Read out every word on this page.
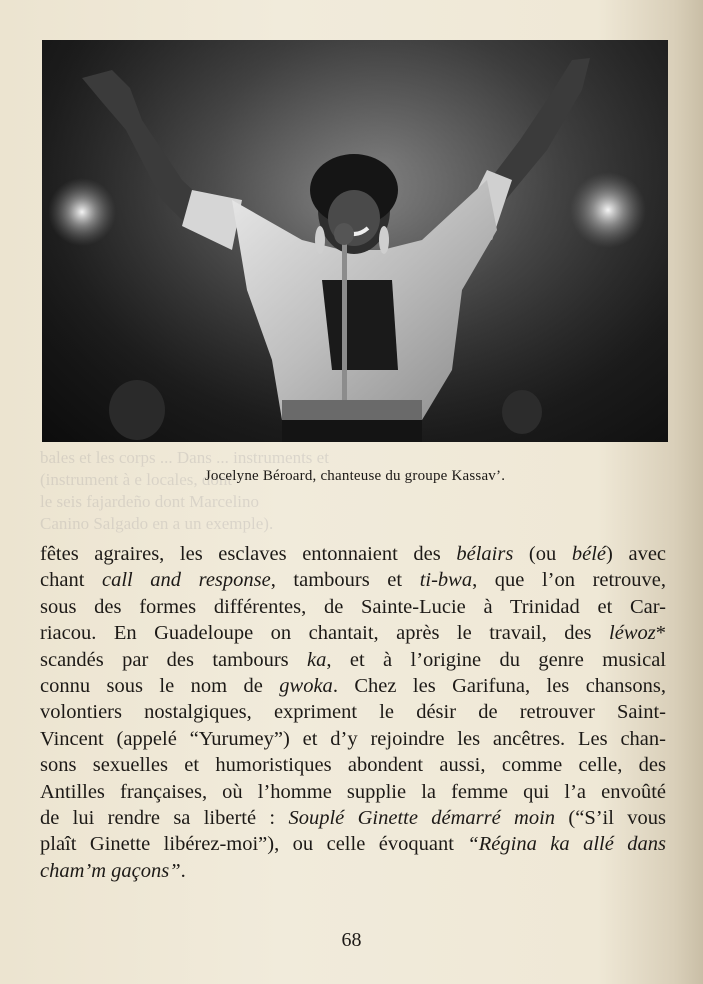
bales et les corps ... Dans ... instruments et
(instrument à e locales, dont
le seis fajardeño dont Marcelino
Canino Salgado en a un exemple).
Jocelyne Béroard, chanteuse du groupe Kassav’.
fêtes agraires, les esclaves entonnaient des bélairs (ou bélé) avec
chant call and response, tambours et ti-bwa, que l’on retrouve,
sous des formes différentes, de Sainte-Lucie à Trinidad et Car-
riacou. En Guadeloupe on chantait, après le travail, des léwoz*
scandés par des tambours ka, et à l’origine du genre musical
connu sous le nom de gwoka. Chez les Garifuna, les chansons,
volontiers nostalgiques, expriment le désir de retrouver Saint-
Vincent (appelé “Yurumey”) et d’y rejoindre les ancêtres. Les chan-
sons sexuelles et humoristiques abondent aussi, comme celle, des
Antilles françaises, où l’homme supplie la femme qui l’a envoûté
de lui rendre sa liberté : Souplé Ginette démarré moin (“S’il vous
plaît Ginette libérez-moi”), ou celle évoquant “Régina ka allé dans
cham’m gaçons”.
68
